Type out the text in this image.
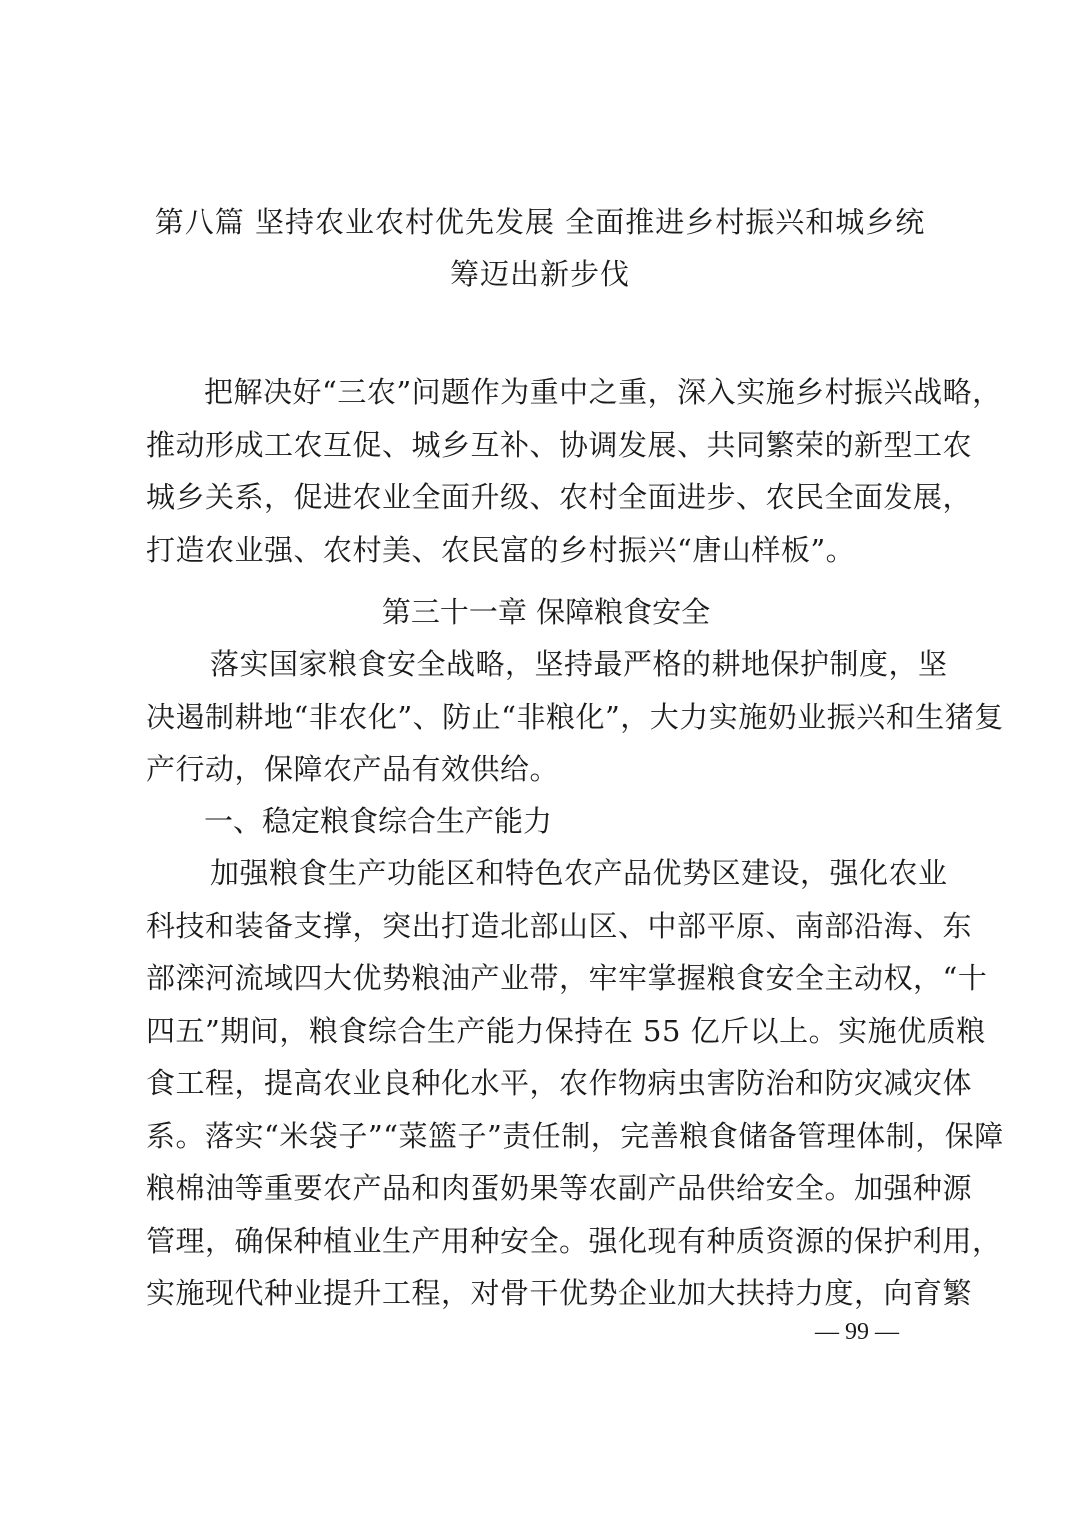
第八篇 坚持农业农村优先发展 全面推进乡村振兴和城乡统
筹迈出新步伐
把解决好“三农”问题作为重中之重，深入实施乡村振兴战略，
推动形成工农互促、城乡互补、协调发展、共同繁荣的新型工农
城乡关系，促进农业全面升级、农村全面进步、农民全面发展，
打造农业强、农村美、农民富的乡村振兴“唐山样板”。
第三十一章 保障粮食安全
落实国家粮食安全战略，坚持最严格的耕地保护制度，坚
决遏制耕地“非农化”、防止“非粮化”，大力实施奶业振兴和生猪复
产行动，保障农产品有效供给。
一、稳定粮食综合生产能力
加强粮食生产功能区和特色农产品优势区建设，强化农业
科技和装备支撑，突出打造北部山区、中部平原、南部沿海、东
部滦河流域四大优势粮油产业带，牢牢掌握粮食安全主动权，“十
四五”期间，粮食综合生产能力保持在 55 亿斤以上。实施优质粮
食工程，提高农业良种化水平，农作物病虫害防治和防灾减灾体
系。落实“米袋子”“菜篮子”责任制，完善粮食储备管理体制，保障
粮棉油等重要农产品和肉蛋奶果等农副产品供给安全。加强种源
管理，确保种植业生产用种安全。强化现有种质资源的保护利用，
实施现代种业提升工程，对骨干优势企业加大扶持力度，向育繁
— 99 —
